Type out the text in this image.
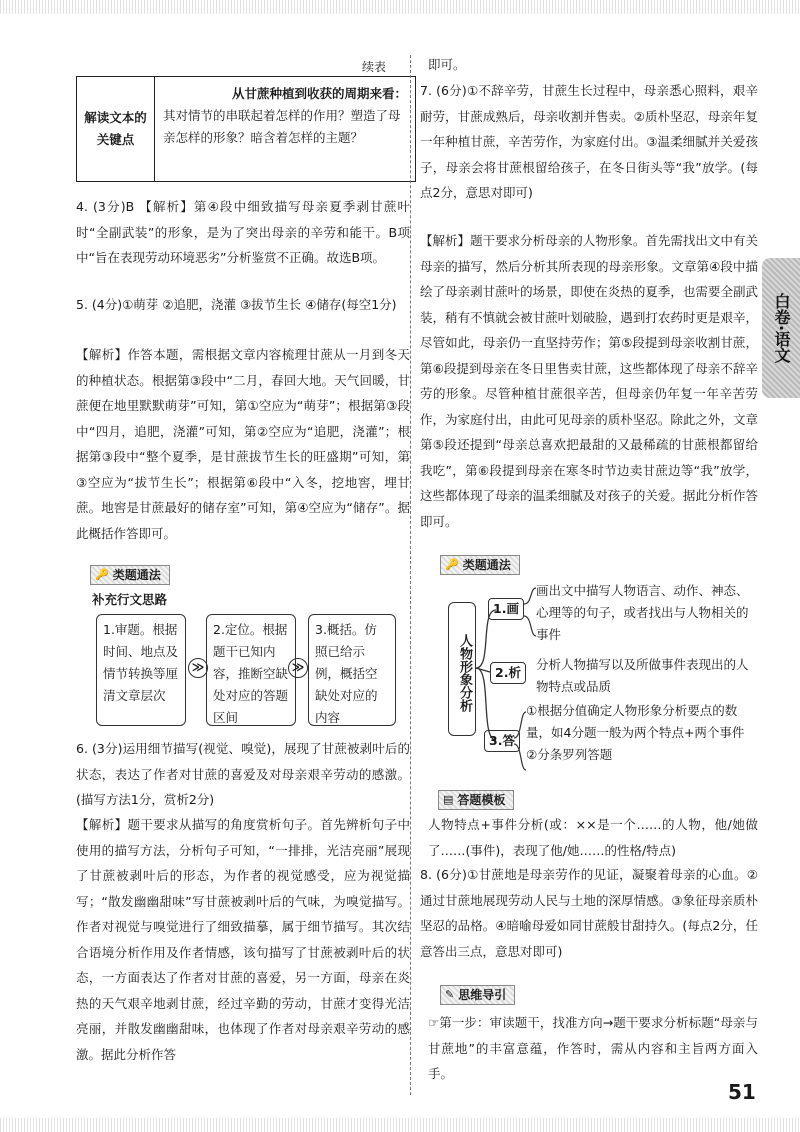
续表
解读文本的关键点
从甘蔗种植到收获的周期来看：
其对情节的串联起着怎样的作用？塑造了母亲怎样的形象？暗含着怎样的主题？
4. (3分)B 【解析】第④段中细致描写母亲夏季剥甘蔗叶时“全副武装”的形象，是为了突出母亲的辛劳和能干。B项中“旨在表现劳动环境恶劣”分析鉴赏不正确。故选B项。
5. (4分)①萌芽 ②追肥，浇灌 ③拔节生长 ④储存(每空1分)
【解析】作答本题，需根据文章内容梳理甘蔗从一月到冬天的种植状态。根据第③段中“二月，春回大地。天气回暖，甘蔗便在地里默默萌芽”可知，第①空应为“萌芽”；根据第③段中“四月，追肥，浇灌”可知，第②空应为“追肥，浇灌”；根据第③段中“整个夏季，是甘蔗拔节生长的旺盛期”可知，第③空应为“拔节生长”；根据第⑥段中“入冬，挖地窖，埋甘蔗。地窖是甘蔗最好的储存室”可知，第④空应为“储存”。据此概括作答即可。
🔑 类题通法
补充行文思路
1.审题。根据时间、地点及情节转换等厘清文章层次
≫
2.定位。根据题干已知内容，推断空缺处对应的答题区间
≫
3.概括。仿照已给示例，概括空缺处对应的内容
6. (3分)运用细节描写(视觉、嗅觉)，展现了甘蔗被剥叶后的状态，表达了作者对甘蔗的喜爱及对母亲艰辛劳动的感激。(描写方法1分，赏析2分)
【解析】题干要求从描写的角度赏析句子。首先辨析句子中使用的描写方法，分析句子可知，“一排排，光洁亮丽”展现了甘蔗被剥叶后的形态，为作者的视觉感受，应为视觉描写；“散发幽幽甜味”写甘蔗被剥叶后的气味，为嗅觉描写。作者对视觉与嗅觉进行了细致描摹，属于细节描写。其次结合语境分析作用及作者情感，该句描写了甘蔗被剥叶后的状态，一方面表达了作者对甘蔗的喜爱，另一方面，母亲在炎热的天气艰辛地剥甘蔗，经过辛勤的劳动，甘蔗才变得光洁亮丽，并散发幽幽甜味，也体现了作者对母亲艰辛劳动的感激。据此分析作答
即可。
7. (6分)①不辞辛劳，甘蔗生长过程中，母亲悉心照料，艰辛耐劳，甘蔗成熟后，母亲收割并售卖。②质朴坚忍，母亲年复一年种植甘蔗，辛苦劳作，为家庭付出。③温柔细腻并关爱孩子，母亲会将甘蔗根留给孩子，在冬日街头等“我”放学。(每点2分，意思对即可)
【解析】题干要求分析母亲的人物形象。首先需找出文中有关母亲的描写，然后分析其所表现的母亲形象。文章第④段中描绘了母亲剥甘蔗叶的场景，即使在炎热的夏季，也需要全副武装，稍有不慎就会被甘蔗叶划破脸，遇到打农药时更是艰辛，尽管如此，母亲仍一直坚持劳作；第⑤段提到母亲收割甘蔗，第⑥段提到母亲在冬日里售卖甘蔗，这些都体现了母亲不辞辛劳的形象。尽管种植甘蔗很辛苦，但母亲仍年复一年辛苦劳作，为家庭付出，由此可见母亲的质朴坚忍。除此之外，文章第⑤段还提到“母亲总喜欢把最甜的又最稀疏的甘蔗根都留给我吃”，第⑥段提到母亲在寒冬时节边卖甘蔗边等“我”放学，这些都体现了母亲的温柔细腻及对孩子的关爱。据此分析作答即可。
🔑 类题通法
人物形象分析
1.画
画出文中描写人物语言、动作、神态、心理等的句子，或者找出与人物相关的事件
2.析
分析人物描写以及所做事件表现出的人物特点或品质
3.答
①根据分值确定人物形象分析要点的数量，如4分题一般为两个特点+两个事件 ②分条罗列答题
▤ 答题模板
人物特点+事件分析(或：××是一个……的人物，他/她做了……(事件)，表现了他/她……的性格/特点)
8. (6分)①甘蔗地是母亲劳作的见证，凝聚着母亲的心血。②通过甘蔗地展现劳动人民与土地的深厚情感。③象征母亲质朴坚忍的品格。④暗喻母爱如同甘蔗般甘甜持久。(每点2分，任意答出三点，意思对即可)
✎ 思维导引
☞第一步：审读题干，找准方向→题干要求分析标题“母亲与甘蔗地”的丰富意蕴，作答时，需从内容和主旨两方面入手。
白卷·语文
51
